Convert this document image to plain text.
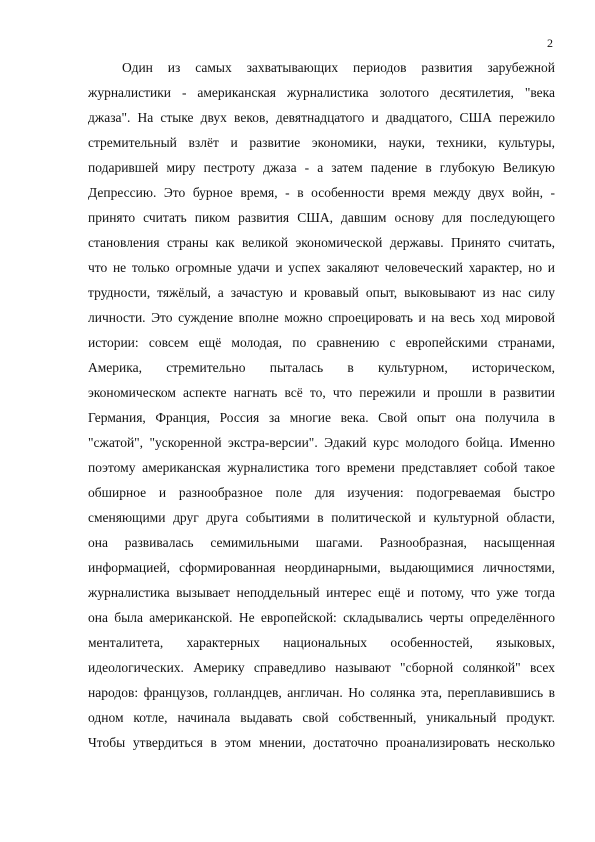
2
Один из самых захватывающих периодов развития зарубежной
журналистики - американская журналистика золотого десятилетия, "века
джаза". На стыке двух веков, девятнадцатого и двадцатого, США пережило
стремительный взлёт и развитие экономики, науки, техники, культуры,
подарившей миру пестроту джаза - а затем падение в глубокую Великую
Депрессию. Это бурное время, - в особенности время между двух войн, -
принято считать пиком развития США, давшим основу для последующего
становления страны как великой экономической державы. Принято считать,
что не только огромные удачи и успех закаляют человеческий характер, но и
трудности, тяжёлый, а зачастую и кровавый опыт, выковывают из нас силу
личности. Это суждение вполне можно спроецировать и на весь ход мировой
истории: совсем ещё молодая, по сравнению с европейскими странами,
Америка, стремительно пыталась в культурном, историческом,
экономическом аспекте нагнать всё то, что пережили и прошли в развитии
Германия, Франция, Россия за многие века. Свой опыт она получила в
"сжатой", "ускоренной экстра-версии". Эдакий курс молодого бойца. Именно
поэтому американская журналистика того времени представляет собой такое
обширное и разнообразное поле для изучения: подогреваемая быстро
сменяющими друг друга событиями в политической и культурной области,
она развивалась семимильными шагами. Разнообразная, насыщенная
информацией, сформированная неординарными, выдающимися личностями,
журналистика вызывает неподдельный интерес ещё и потому, что уже тогда
она была американской. Не европейской: складывались черты определённого
менталитета, характерных национальных особенностей, языковых,
идеологических. Америку справедливо называют "сборной солянкой" всех
народов: французов, голландцев, англичан. Но солянка эта, переплавившись в
одном котле, начинала выдавать свой собственный, уникальный продукт.
Чтобы утвердиться в этом мнении, достаточно проанализировать несколько
